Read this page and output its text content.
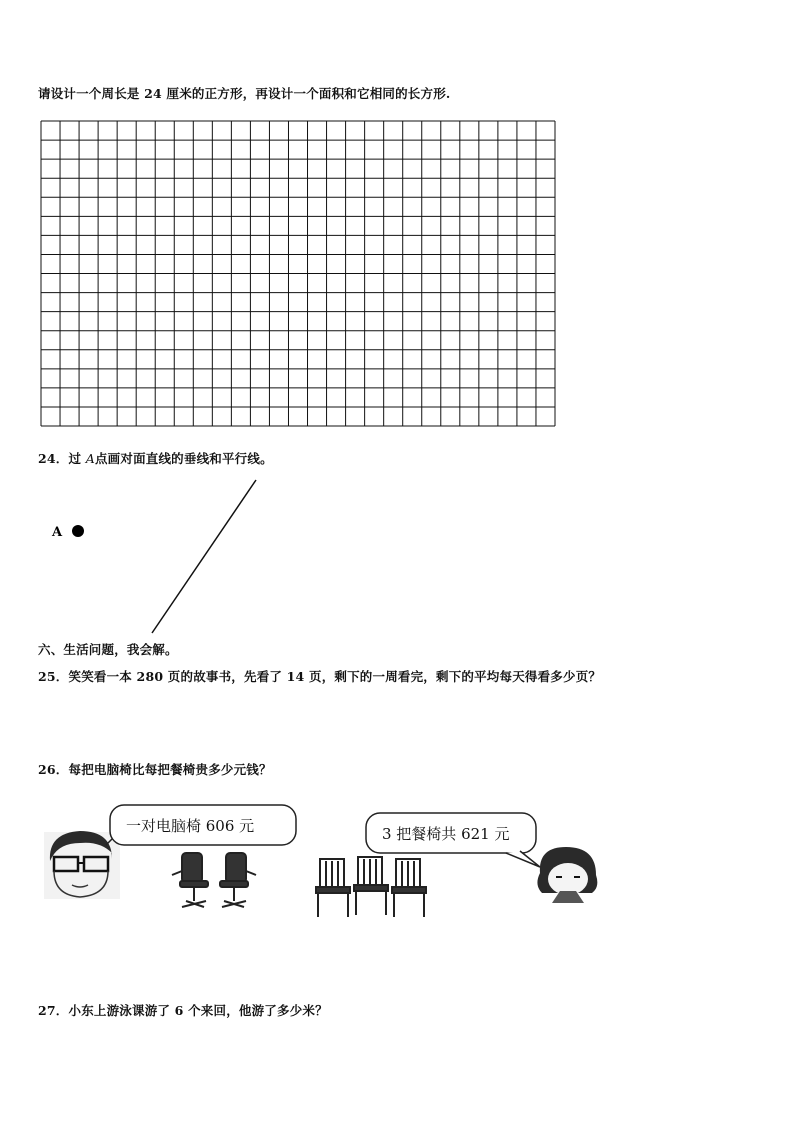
请设计一个周长是 24 厘米的正方形，再设计一个面积和它相同的长方形.
24．过 A点画对面直线的垂线和平行线。
A
六、生活问题，我会解。
25．笑笑看一本 280 页的故事书，先看了 14 页，剩下的一周看完，剩下的平均每天得看多少页？
26．每把电脑椅比每把餐椅贵多少元钱？
一对电脑椅 606 元	3 把餐椅共 621 元
27．小东上游泳课游了 6 个来回，他游了多少米？
